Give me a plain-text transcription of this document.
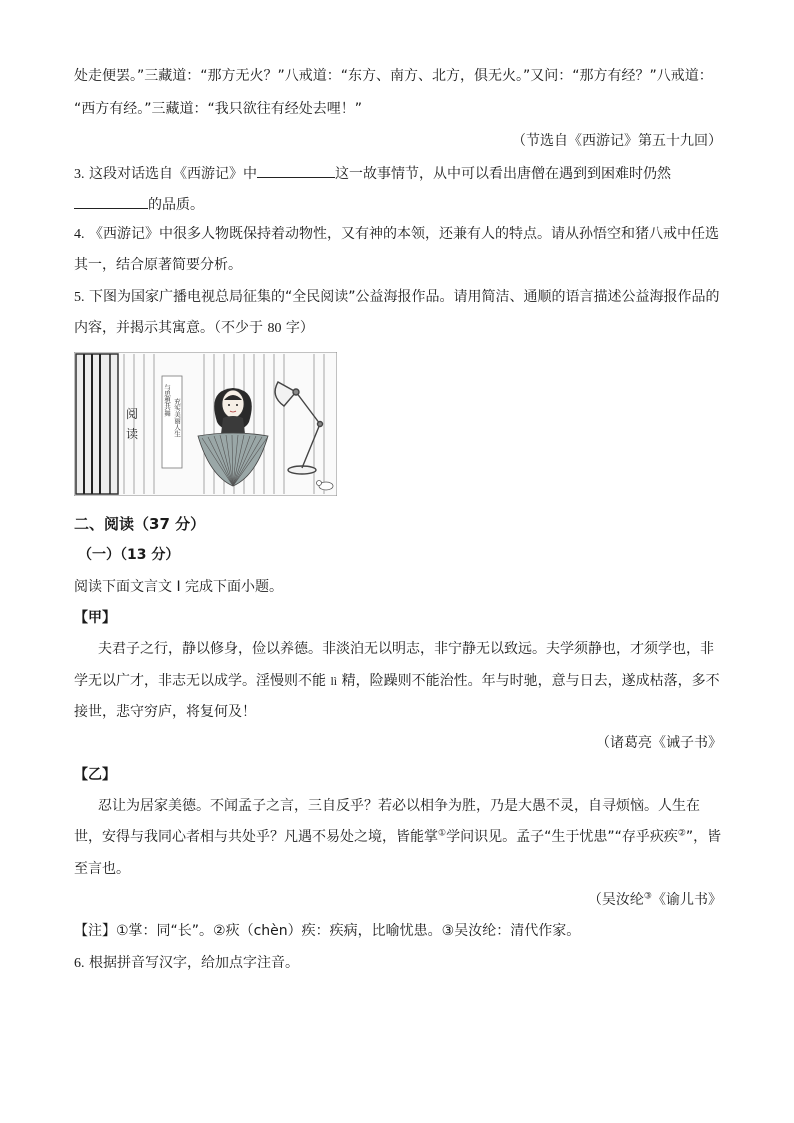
处走便罢。”三藏道：“那方无火？”八戒道：“东方、南方、北方，俱无火。”又问：“那方有经？”八戒道：
“西方有经。”三藏道：“我只欲往有经处去哩！”
（节选自《西游记》第五十九回）
3. 这段对话选自《西游记》中	这一故事情节，从中可以看出唐僧在遇到到困难时仍然
的品质。
4. 《西游记》中很多人物既保持着动物性，又有神的本领，还兼有人的特点。请从孙悟空和猪八戒中任选
其一，结合原著简要分析。
5. 下图为国家广播电视总局征集的“全民阅读”公益海报作品。请用简洁、通顺的语言描述公益海报作品的
内容，并揭示其寓意。（不少于 80 字）
阅
读
与思想共舞 充实美丽人生
二、阅读（37 分）
（一）（13 分）
阅读下面文言文 I 完成下面小题。
【甲】
夫君子之行，静以修身，俭以养德。非淡泊无以明志，非宁静无以致远。夫学须静也，才须学也，非
学无以广才，非志无以成学。淫慢则不能 lì 精，险躁则不能治性。年与时驰，意与日去，遂成枯落，多不
接世，悲守穷庐，将复何及！
（诸葛亮《诫子书》
【乙】
忍让为居家美德。不闻孟子之言，三自反乎？若必以相争为胜，乃是大愚不灵，自寻烦恼。人生在
世，安得与我同心者相与共处乎？凡遇不易处之境，皆能掌①学问识见。孟子“生于忧患”“存乎疢疾②”，皆
至言也。
（吴汝纶③《谕儿书》
【注】①掌：同“长”。②疢（chèn）疾：疾病，比喻忧患。③吴汝纶：清代作家。
6. 根据拼音写汉字，给加点字注音。
